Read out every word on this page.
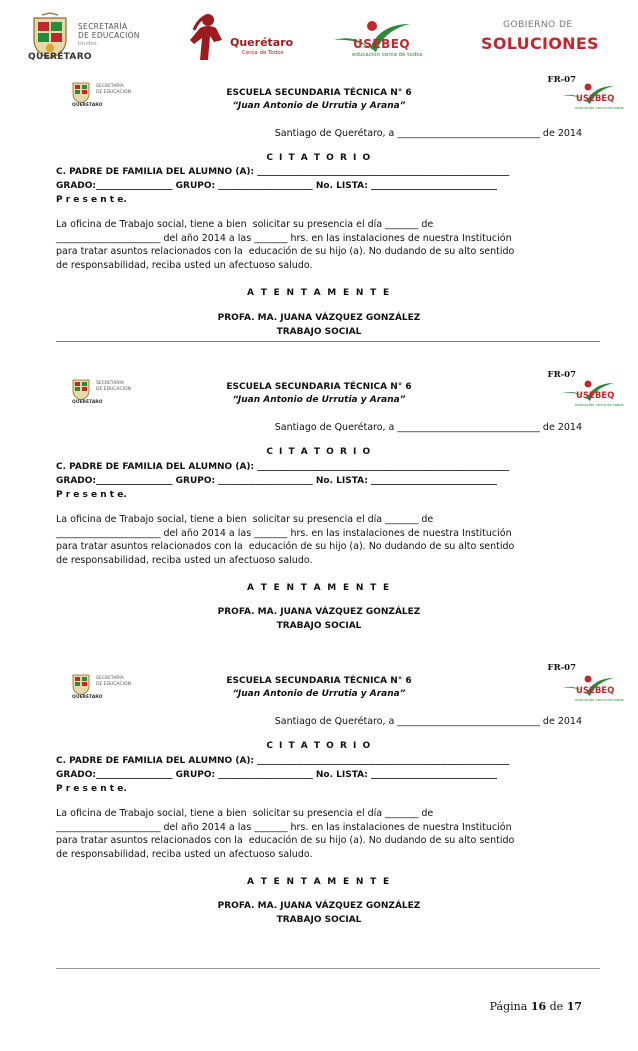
SECRETARÍA
DE EDUCACIÓN
Unidos
QUERÉTARO
Querétaro
Cerca de Todos
USEBEQ
educación cerca de todos
GOBIERNO DE
SOLUCIONES
FR-07
SECRETARÍA
DE EDUCACIÓN
QUERÉTARO
USEBEQ
educación cerca de todos
ESCUELA SECUNDARIA TÉCNICA N° 6
“Juan Antonio de Urrutia y Arana”
Santiago de Querétaro, a ______________________________ de 2014
C I T A T O R I O
C. PADRE DE FAMILIA DEL ALUMNO (A): ________________________________________________________
GRADO:_________________ GRUPO: _____________________ No. LISTA: ____________________________
P r e s e n t e.
La oficina de Trabajo social, tiene a bien  solicitar su presencia el día _______ de
______________________ del año 2014 a las _______ hrs. en las instalaciones de nuestra Institución
para tratar asuntos relacionados con la  educación de su hijo (a). No dudando de su alto sentido
de responsabilidad, reciba usted un afectuoso saludo.
A T E N T A M E N T E
PROFA. MA. JUANA VÁZQUEZ GONZÁLEZ
TRABAJO SOCIAL
FR-07
SECRETARÍA
DE EDUCACIÓN
QUERÉTARO
USEBEQ
educación cerca de todos
ESCUELA SECUNDARIA TÉCNICA N° 6
“Juan Antonio de Urrutia y Arana”
Santiago de Querétaro, a ______________________________ de 2014
C I T A T O R I O
C. PADRE DE FAMILIA DEL ALUMNO (A): ________________________________________________________
GRADO:_________________ GRUPO: _____________________ No. LISTA: ____________________________
P r e s e n t e.
La oficina de Trabajo social, tiene a bien  solicitar su presencia el día _______ de
______________________ del año 2014 a las _______ hrs. en las instalaciones de nuestra Institución
para tratar asuntos relacionados con la  educación de su hijo (a). No dudando de su alto sentido
de responsabilidad, reciba usted un afectuoso saludo.
A T E N T A M E N T E
PROFA. MA. JUANA VÁZQUEZ GONZÁLEZ
TRABAJO SOCIAL
FR-07
SECRETARÍA
DE EDUCACIÓN
QUERÉTARO
USEBEQ
educación cerca de todos
ESCUELA SECUNDARIA TÉCNICA N° 6
“Juan Antonio de Urrutia y Arana”
Santiago de Querétaro, a ______________________________ de 2014
C I T A T O R I O
C. PADRE DE FAMILIA DEL ALUMNO (A): ________________________________________________________
GRADO:_________________ GRUPO: _____________________ No. LISTA: ____________________________
P r e s e n t e.
La oficina de Trabajo social, tiene a bien  solicitar su presencia el día _______ de
______________________ del año 2014 a las _______ hrs. en las instalaciones de nuestra Institución
para tratar asuntos relacionados con la  educación de su hijo (a). No dudando de su alto sentido
de responsabilidad, reciba usted un afectuoso saludo.
A T E N T A M E N T E
PROFA. MA. JUANA VÁZQUEZ GONZÁLEZ
TRABAJO SOCIAL
Página 16 de 17
